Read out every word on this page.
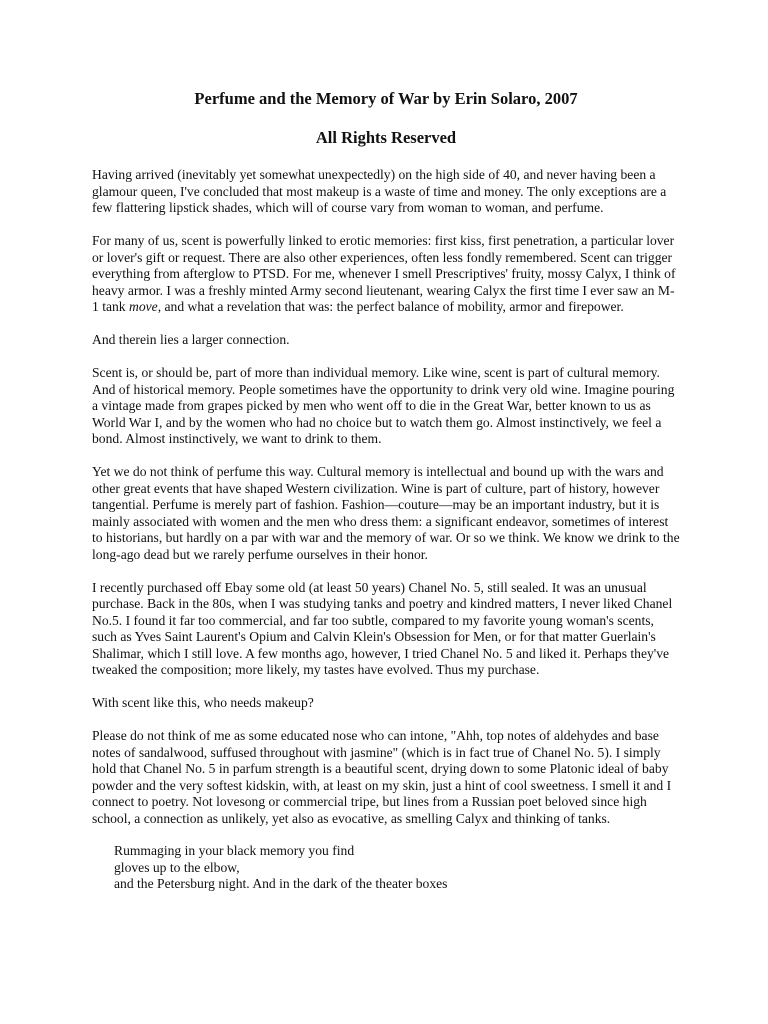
Perfume and the Memory of War by Erin Solaro, 2007
All Rights Reserved

Having arrived (inevitably yet somewhat unexpectedly) on the high side of 40, and never having been a glamour queen, I've concluded that most makeup is a waste of time and money. The only exceptions are a few flattering lipstick shades, which will of course vary from woman to woman, and perfume.

For many of us, scent is powerfully linked to erotic memories: first kiss, first penetration, a particular lover or lover's gift or request. There are also other experiences, often less fondly remembered. Scent can trigger everything from afterglow to PTSD. For me, whenever I smell Prescriptives' fruity, mossy Calyx, I think of heavy armor. I was a freshly minted Army second lieutenant, wearing Calyx the first time I ever saw an M-1 tank move, and what a revelation that was: the perfect balance of mobility, armor and firepower.

And therein lies a larger connection.

Scent is, or should be, part of more than individual memory. Like wine, scent is part of cultural memory. And of historical memory. People sometimes have the opportunity to drink very old wine. Imagine pouring a vintage made from grapes picked by men who went off to die in the Great War, better known to us as World War I, and by the women who had no choice but to watch them go. Almost instinctively, we feel a bond. Almost instinctively, we want to drink to them.

Yet we do not think of perfume this way. Cultural memory is intellectual and bound up with the wars and other great events that have shaped Western civilization. Wine is part of culture, part of history, however tangential. Perfume is merely part of fashion. Fashion—couture—may be an important industry, but it is mainly associated with women and the men who dress them: a significant endeavor, sometimes of interest to historians, but hardly on a par with war and the memory of war. Or so we think. We know we drink to the long-ago dead but we rarely perfume ourselves in their honor.

I recently purchased off Ebay some old (at least 50 years) Chanel No. 5, still sealed. It was an unusual purchase. Back in the 80s, when I was studying tanks and poetry and kindred matters, I never liked Chanel No.5. I found it far too commercial, and far too subtle, compared to my favorite young woman's scents, such as Yves Saint Laurent's Opium and Calvin Klein's Obsession for Men, or for that matter Guerlain's Shalimar, which I still love. A few months ago, however, I tried Chanel No. 5 and liked it. Perhaps they've tweaked the composition; more likely, my tastes have evolved. Thus my purchase.

With scent like this, who needs makeup?

Please do not think of me as some educated nose who can intone, "Ahh, top notes of aldehydes and base notes of sandalwood, suffused throughout with jasmine" (which is in fact true of Chanel No. 5). I simply hold that Chanel No. 5 in parfum strength is a beautiful scent, drying down to some Platonic ideal of baby powder and the very softest kidskin, with, at least on my skin, just a hint of cool sweetness. I smell it and I connect to poetry. Not lovesong or commercial tripe, but lines from a Russian poet beloved since high school, a connection as unlikely, yet also as evocative, as smelling Calyx and thinking of tanks.

Rummaging in your black memory you find
gloves up to the elbow,
and the Petersburg night. And in the dark of the theater boxes
